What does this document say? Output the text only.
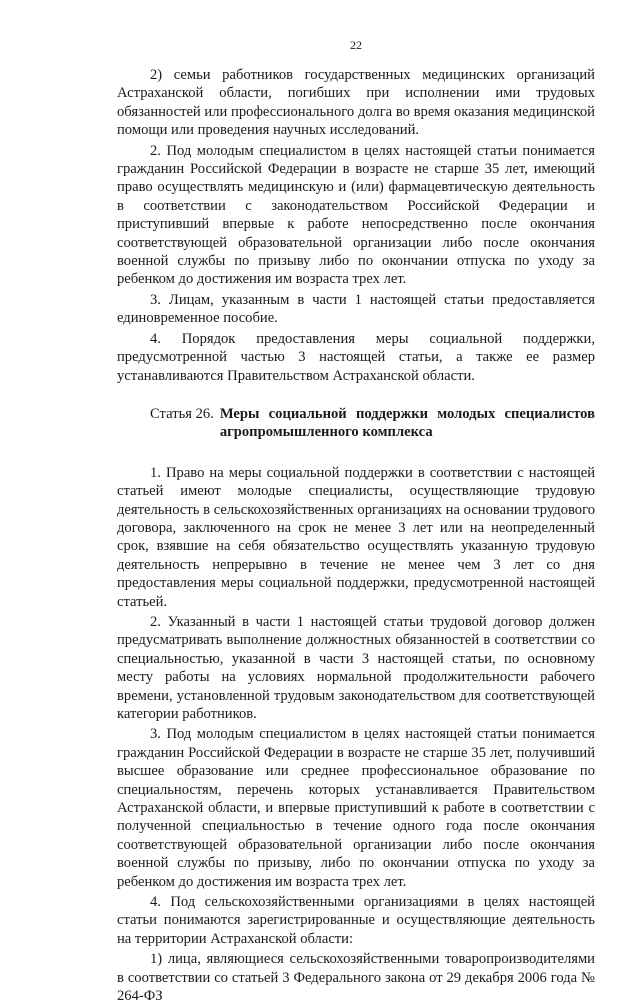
22

2) семьи работников государственных медицинских организаций Астраханской области, погибших при исполнении ими трудовых обязанностей или профессионального долга во время оказания медицинской помощи или проведения научных исследований.

2. Под молодым специалистом в целях настоящей статьи понимается гражданин Российской Федерации в возрасте не старше 35 лет, имеющий право осуществлять медицинскую и (или) фармацевтическую деятельность в соответствии с законодательством Российской Федерации и приступивший впервые к работе непосредственно после окончания соответствующей образовательной организации либо после окончания военной службы по призыву либо по окончании отпуска по уходу за ребенком до достижения им возраста трех лет.

3. Лицам, указанным в части 1 настоящей статьи предоставляется единовременное пособие.

4. Порядок предоставления меры социальной поддержки, предусмотренной частью 3 настоящей статьи, а также ее размер устанавливаются Правительством Астраханской области.

Статья 26. Меры социальной поддержки молодых специалистов
агропромышленного комплекса

1. Право на меры социальной поддержки в соответствии с настоящей статьей имеют молодые специалисты, осуществляющие трудовую деятельность в сельскохозяйственных организациях на основании трудового договора, заключенного на срок не менее 3 лет или на неопределенный срок, взявшие на себя обязательство осуществлять указанную трудовую деятельность непрерывно в течение не менее чем 3 лет со дня предоставления меры социальной поддержки, предусмотренной настоящей статьей.

2. Указанный в части 1 настоящей статьи трудовой договор должен предусматривать выполнение должностных обязанностей в соответствии со специальностью, указанной в части 3 настоящей статьи, по основному месту работы на условиях нормальной продолжительности рабочего времени, установленной трудовым законодательством для соответствующей категории работников.

3. Под молодым специалистом в целях настоящей статьи понимается гражданин Российской Федерации в возрасте не старше 35 лет, получивший высшее образование или среднее профессиональное образование по специальностям, перечень которых устанавливается Правительством Астраханской области, и впервые приступивший к работе в соответствии с полученной специальностью в течение одного года после окончания соответствующей образовательной организации либо после окончания военной службы по призыву, либо по окончании отпуска по уходу за ребенком до достижения им возраста трех лет.

4. Под сельскохозяйственными организациями в целях настоящей статьи понимаются зарегистрированные и осуществляющие деятельность на территории Астраханской области:

1) лица, являющиеся сельскохозяйственными товаропроизводителями в соответствии со статьей 3 Федерального закона от 29 декабря 2006 года № 264-ФЗ
